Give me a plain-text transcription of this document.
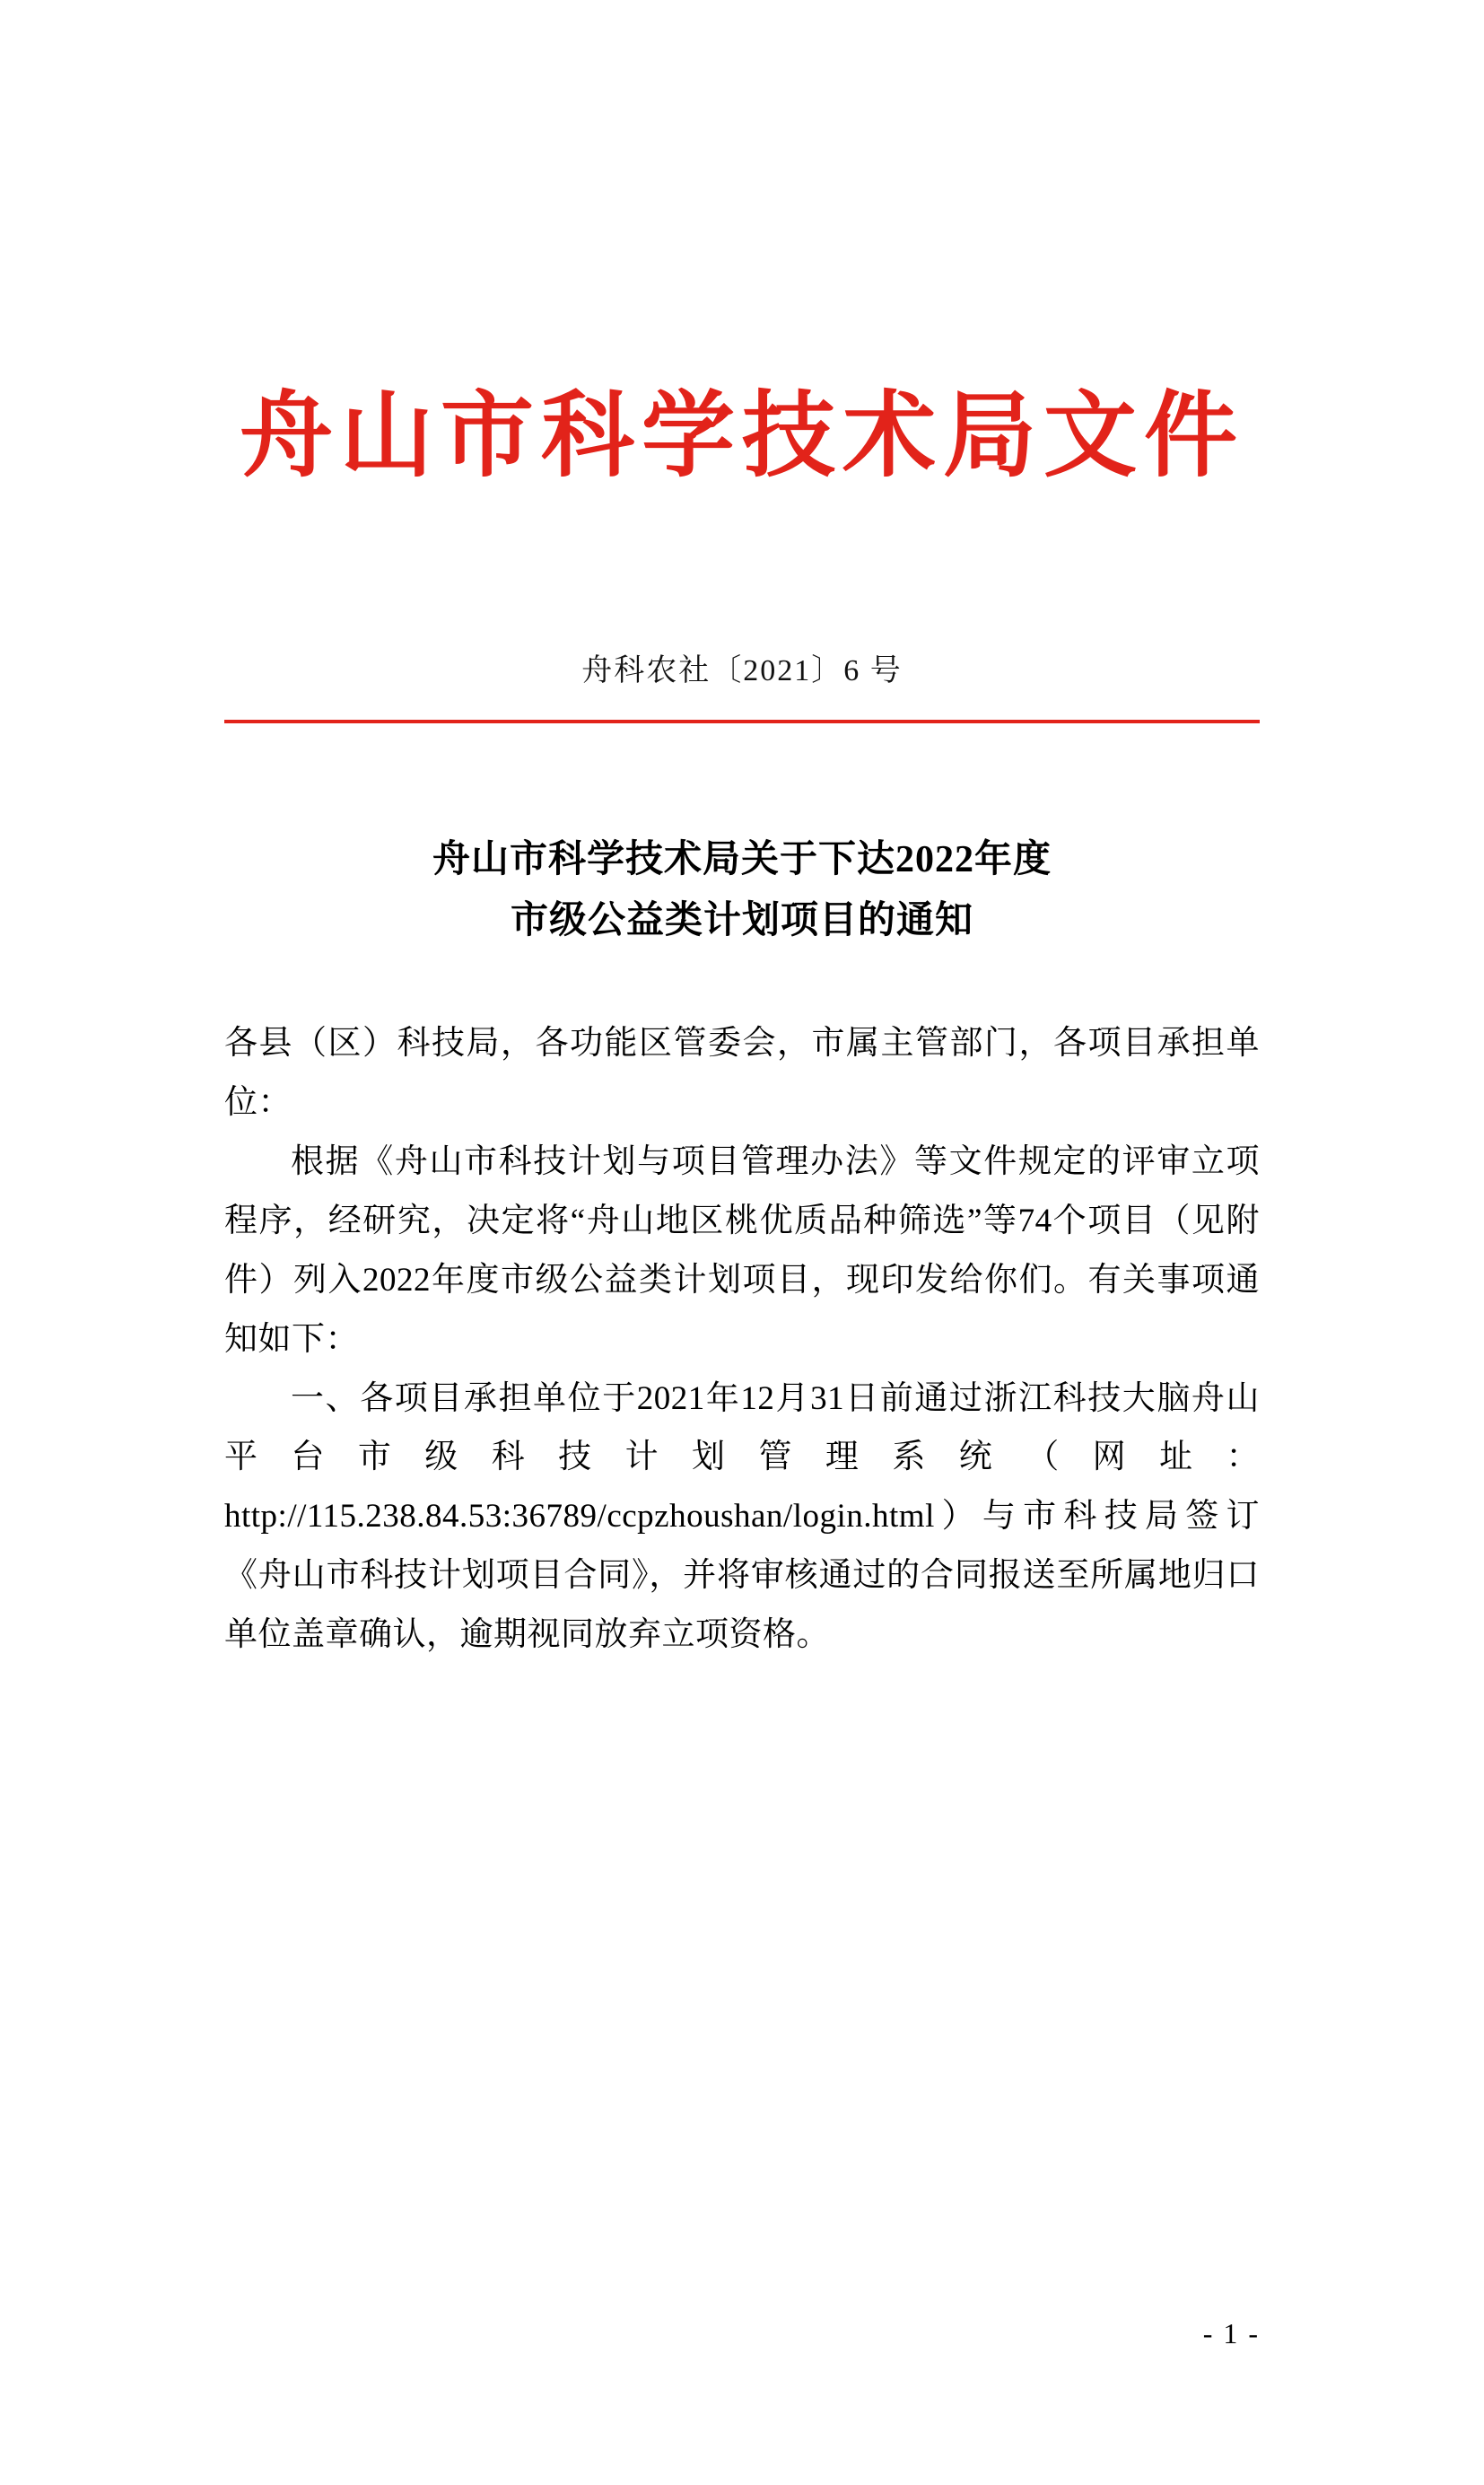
舟山市科学技术局文件
舟科农社〔2021〕6 号
舟山市科学技术局关于下达2022年度
市级公益类计划项目的通知

各县（区）科技局，各功能区管委会，市属主管部门，各项目承担单位：

根据《舟山市科技计划与项目管理办法》等文件规定的评审立项程序，经研究，决定将“舟山地区桃优质品种筛选”等74个项目（见附件）列入2022年度市级公益类计划项目，现印发给你们。有关事项通知如下：

一、各项目承担单位于2021年12月31日前通过浙江科技大脑舟山平台市级科技计划管理系统（网址：http://115.238.84.53:36789/ccpzhoushan/login.html）与市科技局签订《舟山市科技计划项目合同》，并将审核通过的合同报送至所属地归口单位盖章确认，逾期视同放弃立项资格。

- 1 -
